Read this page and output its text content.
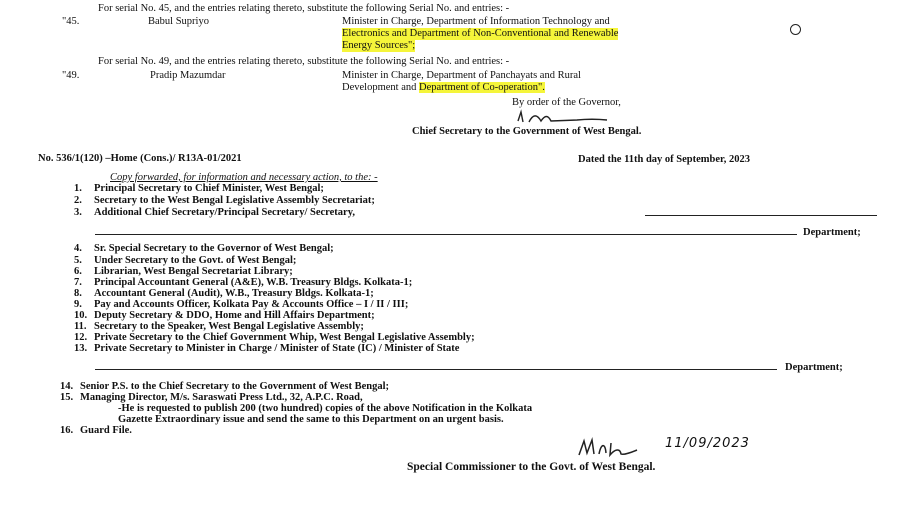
For serial No. 45, and the entries relating thereto, substitute the following Serial No. and entries: -
"45.	Babul Supriyo	Minister in Charge, Department of Information Technology and
Electronics and Department of Non-Conventional and Renewable
Energy Sources";
For serial No. 49, and the entries relating thereto, substitute the following Serial No. and entries: -
"49.	Pradip Mazumdar	Minister in Charge, Department of Panchayats and Rural
Development and Department of Co-operation".
By order of the Governor,
Chief Secretary to the Government of West Bengal.
No. 536/1(120) –Home (Cons.)/ R13A-01/2021	Dated the 11th day of September, 2023
Copy forwarded, for information and necessary action, to the: -
1. Principal Secretary to Chief Minister, West Bengal;
2. Secretary to the West Bengal Legislative Assembly Secretariat;
3. Additional Chief Secretary/Principal Secretary/ Secretary,
Department;
4. Sr. Special Secretary to the Governor of West Bengal;
5. Under Secretary to the Govt. of West Bengal;
6. Librarian, West Bengal Secretariat Library;
7. Principal Accountant General (A&E), W.B. Treasury Bldgs. Kolkata-1;
8. Accountant General (Audit), W.B., Treasury Bldgs. Kolkata-1;
9. Pay and Accounts Officer, Kolkata Pay & Accounts Office – I / II / III;
10. Deputy Secretary & DDO, Home and Hill Affairs Department;
11. Secretary to the Speaker, West Bengal Legislative Assembly;
12. Private Secretary to the Chief Government Whip, West Bengal Legislative Assembly;
13. Private Secretary to Minister in Charge / Minister of State (IC) / Minister of State
Department;
14. Senior P.S. to the Chief Secretary to the Government of West Bengal;
15. Managing Director, M/s. Saraswati Press Ltd., 32, A.P.C. Road,
-He is requested to publish 200 (two hundred) copies of the above Notification in the Kolkata
Gazette Extraordinary issue and send the same to this Department on an urgent basis.
16. Guard File.
11/09/2023
Special Commissioner to the Govt. of West Bengal.
